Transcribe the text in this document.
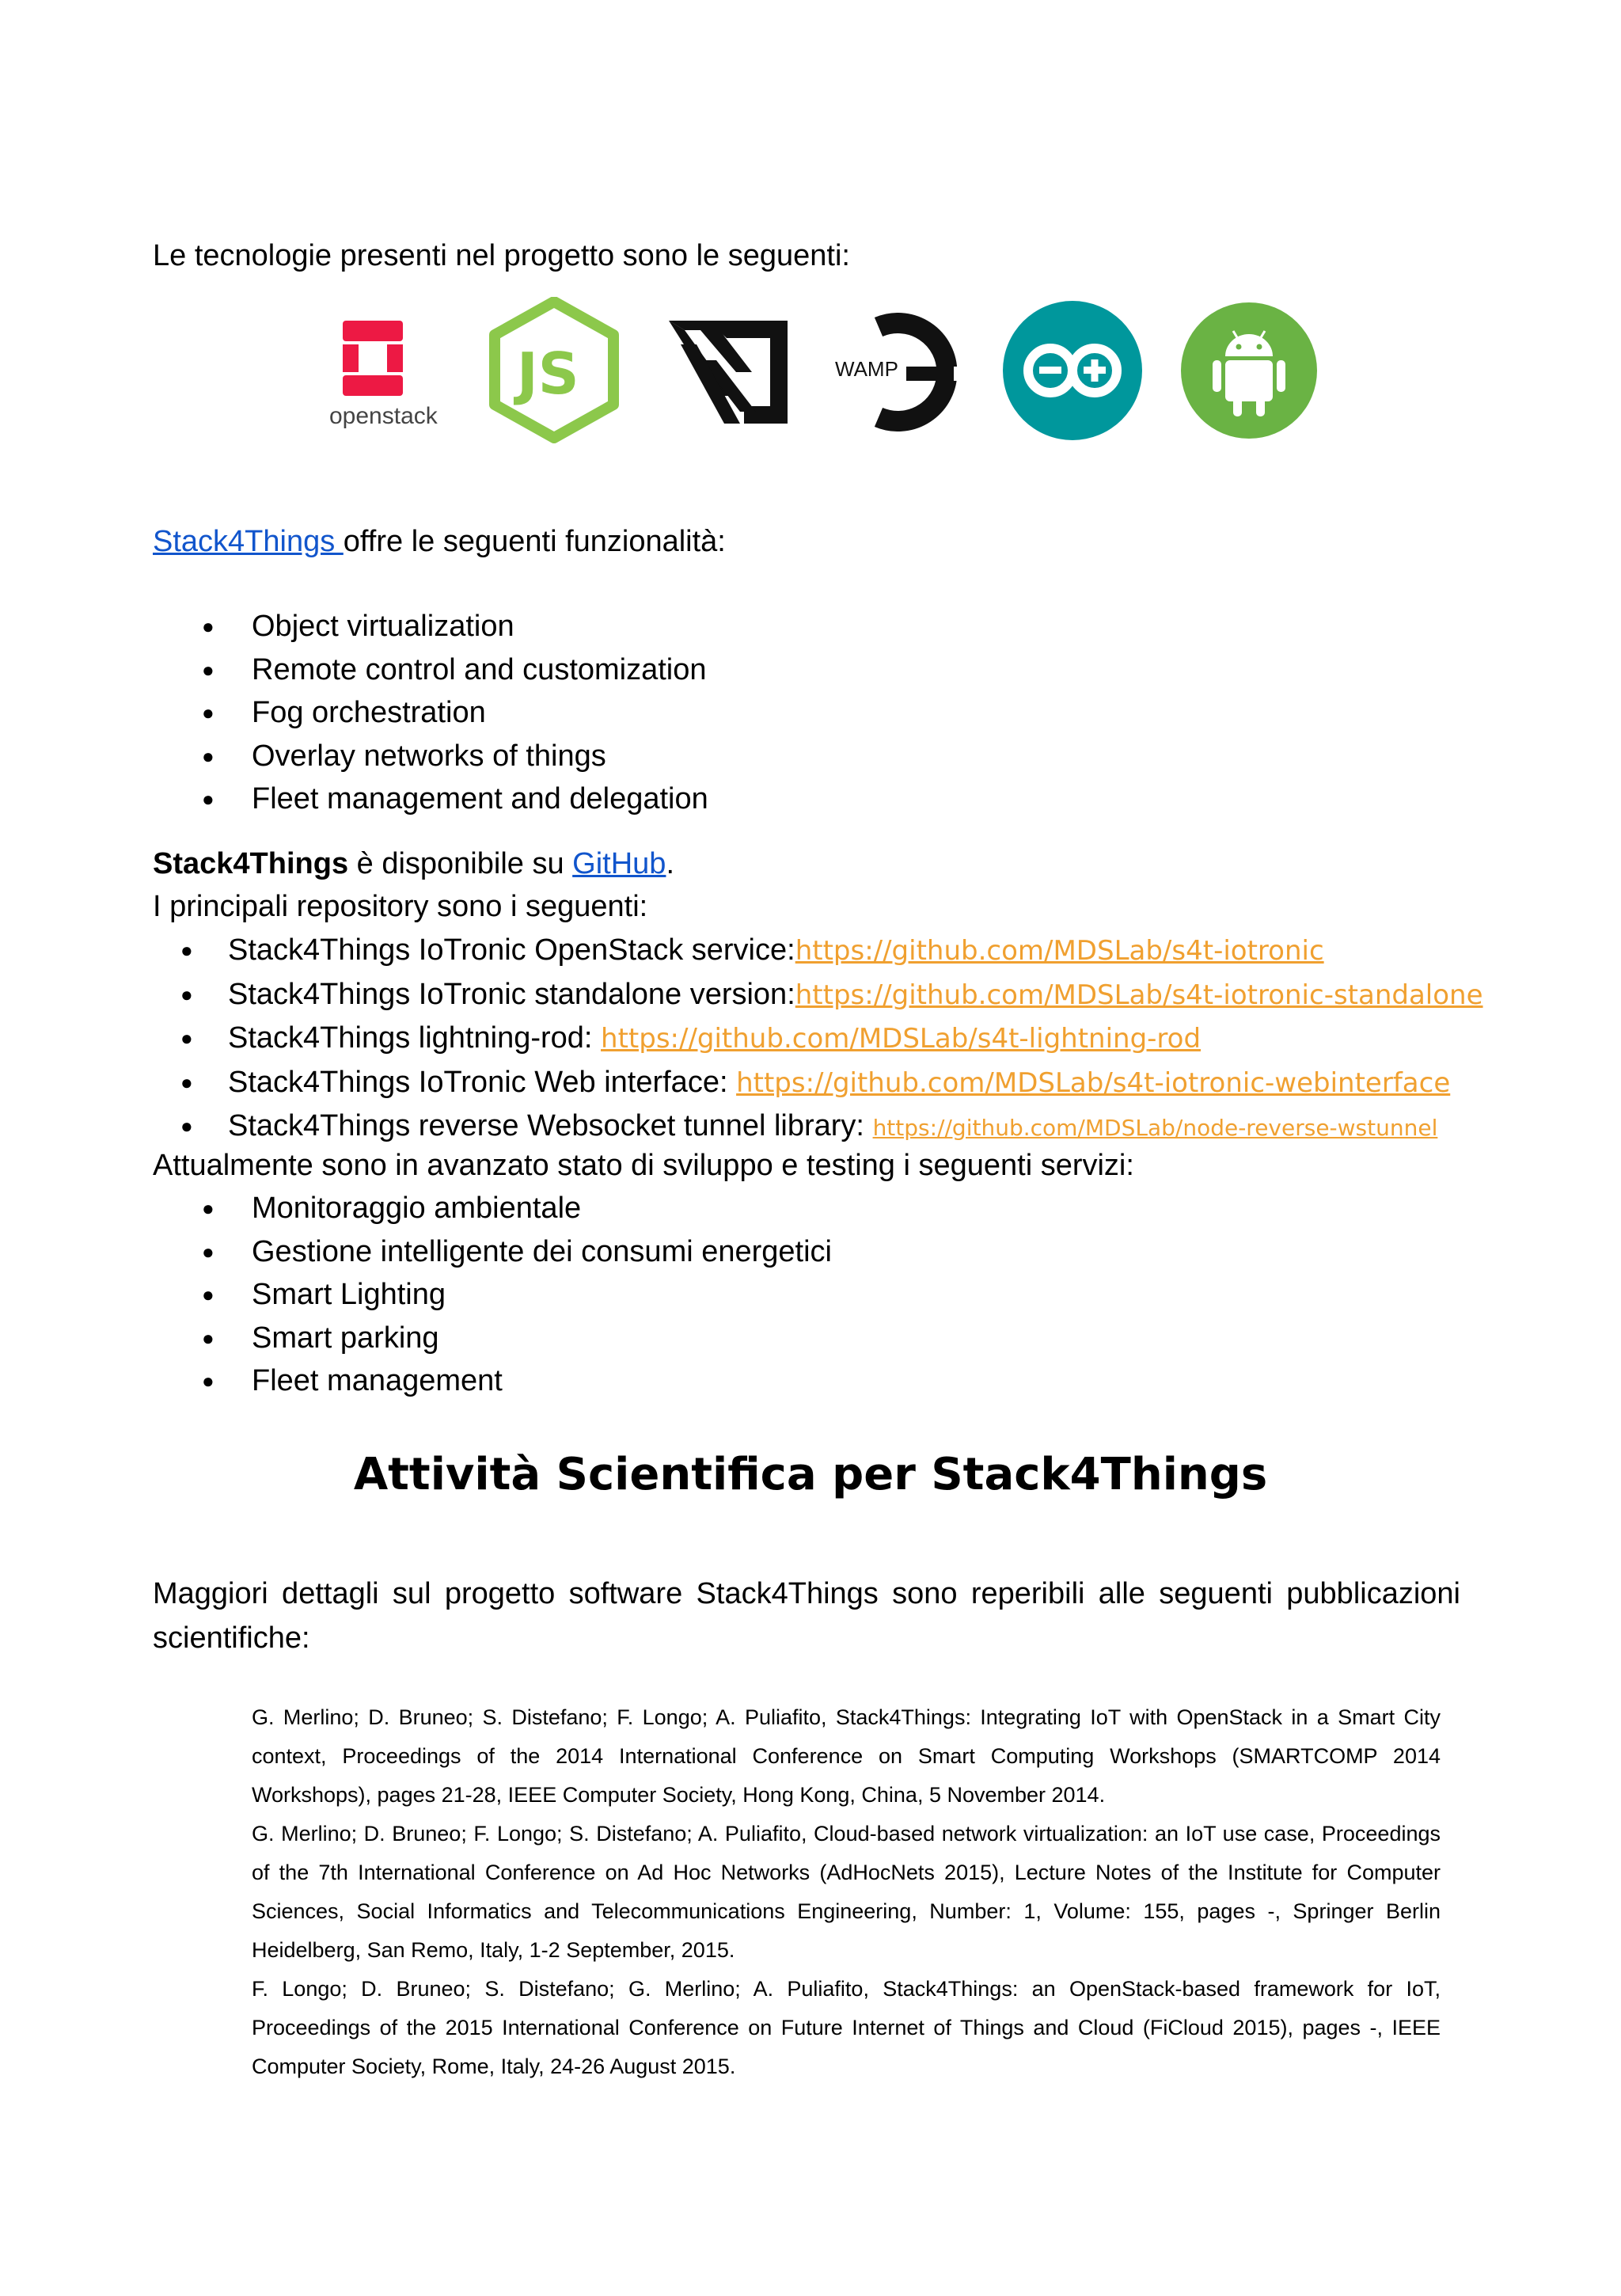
Le tecnologie presenti nel progetto sono le seguenti:

openstack
JS	WAMP

Stack4Things offre le seguenti funzionalità:

● Object virtualization
● Remote control and customization
● Fog orchestration
● Overlay networks of things
● Fleet management and delegation

Stack4Things è disponibile su GitHub.

I principali repository sono i seguenti:

● Stack4Things IoTronic OpenStack service:https://github.com/MDSLab/s4t-iotronic
● Stack4Things IoTronic standalone version:https://github.com/MDSLab/s4t-iotronic-standalone
● Stack4Things lightning-rod: https://github.com/MDSLab/s4t-lightning-rod
● Stack4Things IoTronic Web interface: https://github.com/MDSLab/s4t-iotronic-webinterface
● Stack4Things reverse Websocket tunnel library: https://github.com/MDSLab/node-reverse-wstunnel

Attualmente sono in avanzato stato di sviluppo e testing i seguenti servizi:

● Monitoraggio ambientale
● Gestione intelligente dei consumi energetici
● Smart Lighting
● Smart parking
● Fleet management
Attività Scientifica per Stack4Things

Maggiori dettagli sul progetto software Stack4Things sono reperibili alle seguenti pubblicazioni scientifiche:

G. Merlino; D. Bruneo; S. Distefano; F. Longo; A. Puliafito, Stack4Things: Integrating IoT with OpenStack in a Smart City context, Proceedings of the 2014 International Conference on Smart Computing Workshops (SMARTCOMP 2014 Workshops), pages 21-28, IEEE Computer Society, Hong Kong, China, 5 November 2014.
G. Merlino; D. Bruneo; F. Longo; S. Distefano; A. Puliafito, Cloud-based network virtualization: an IoT use case, Proceedings of the 7th International Conference on Ad Hoc Networks (AdHocNets 2015), Lecture Notes of the Institute for Computer Sciences, Social Informatics and Telecommunications Engineering, Number: 1, Volume: 155, pages -, Springer Berlin Heidelberg, San Remo, Italy, 1-2 September, 2015.
F. Longo; D. Bruneo; S. Distefano; G. Merlino; A. Puliafito, Stack4Things: an OpenStack-based framework for IoT, Proceedings of the 2015 International Conference on Future Internet of Things and Cloud (FiCloud 2015), pages -, IEEE Computer Society, Rome, Italy, 24-26 August 2015.
